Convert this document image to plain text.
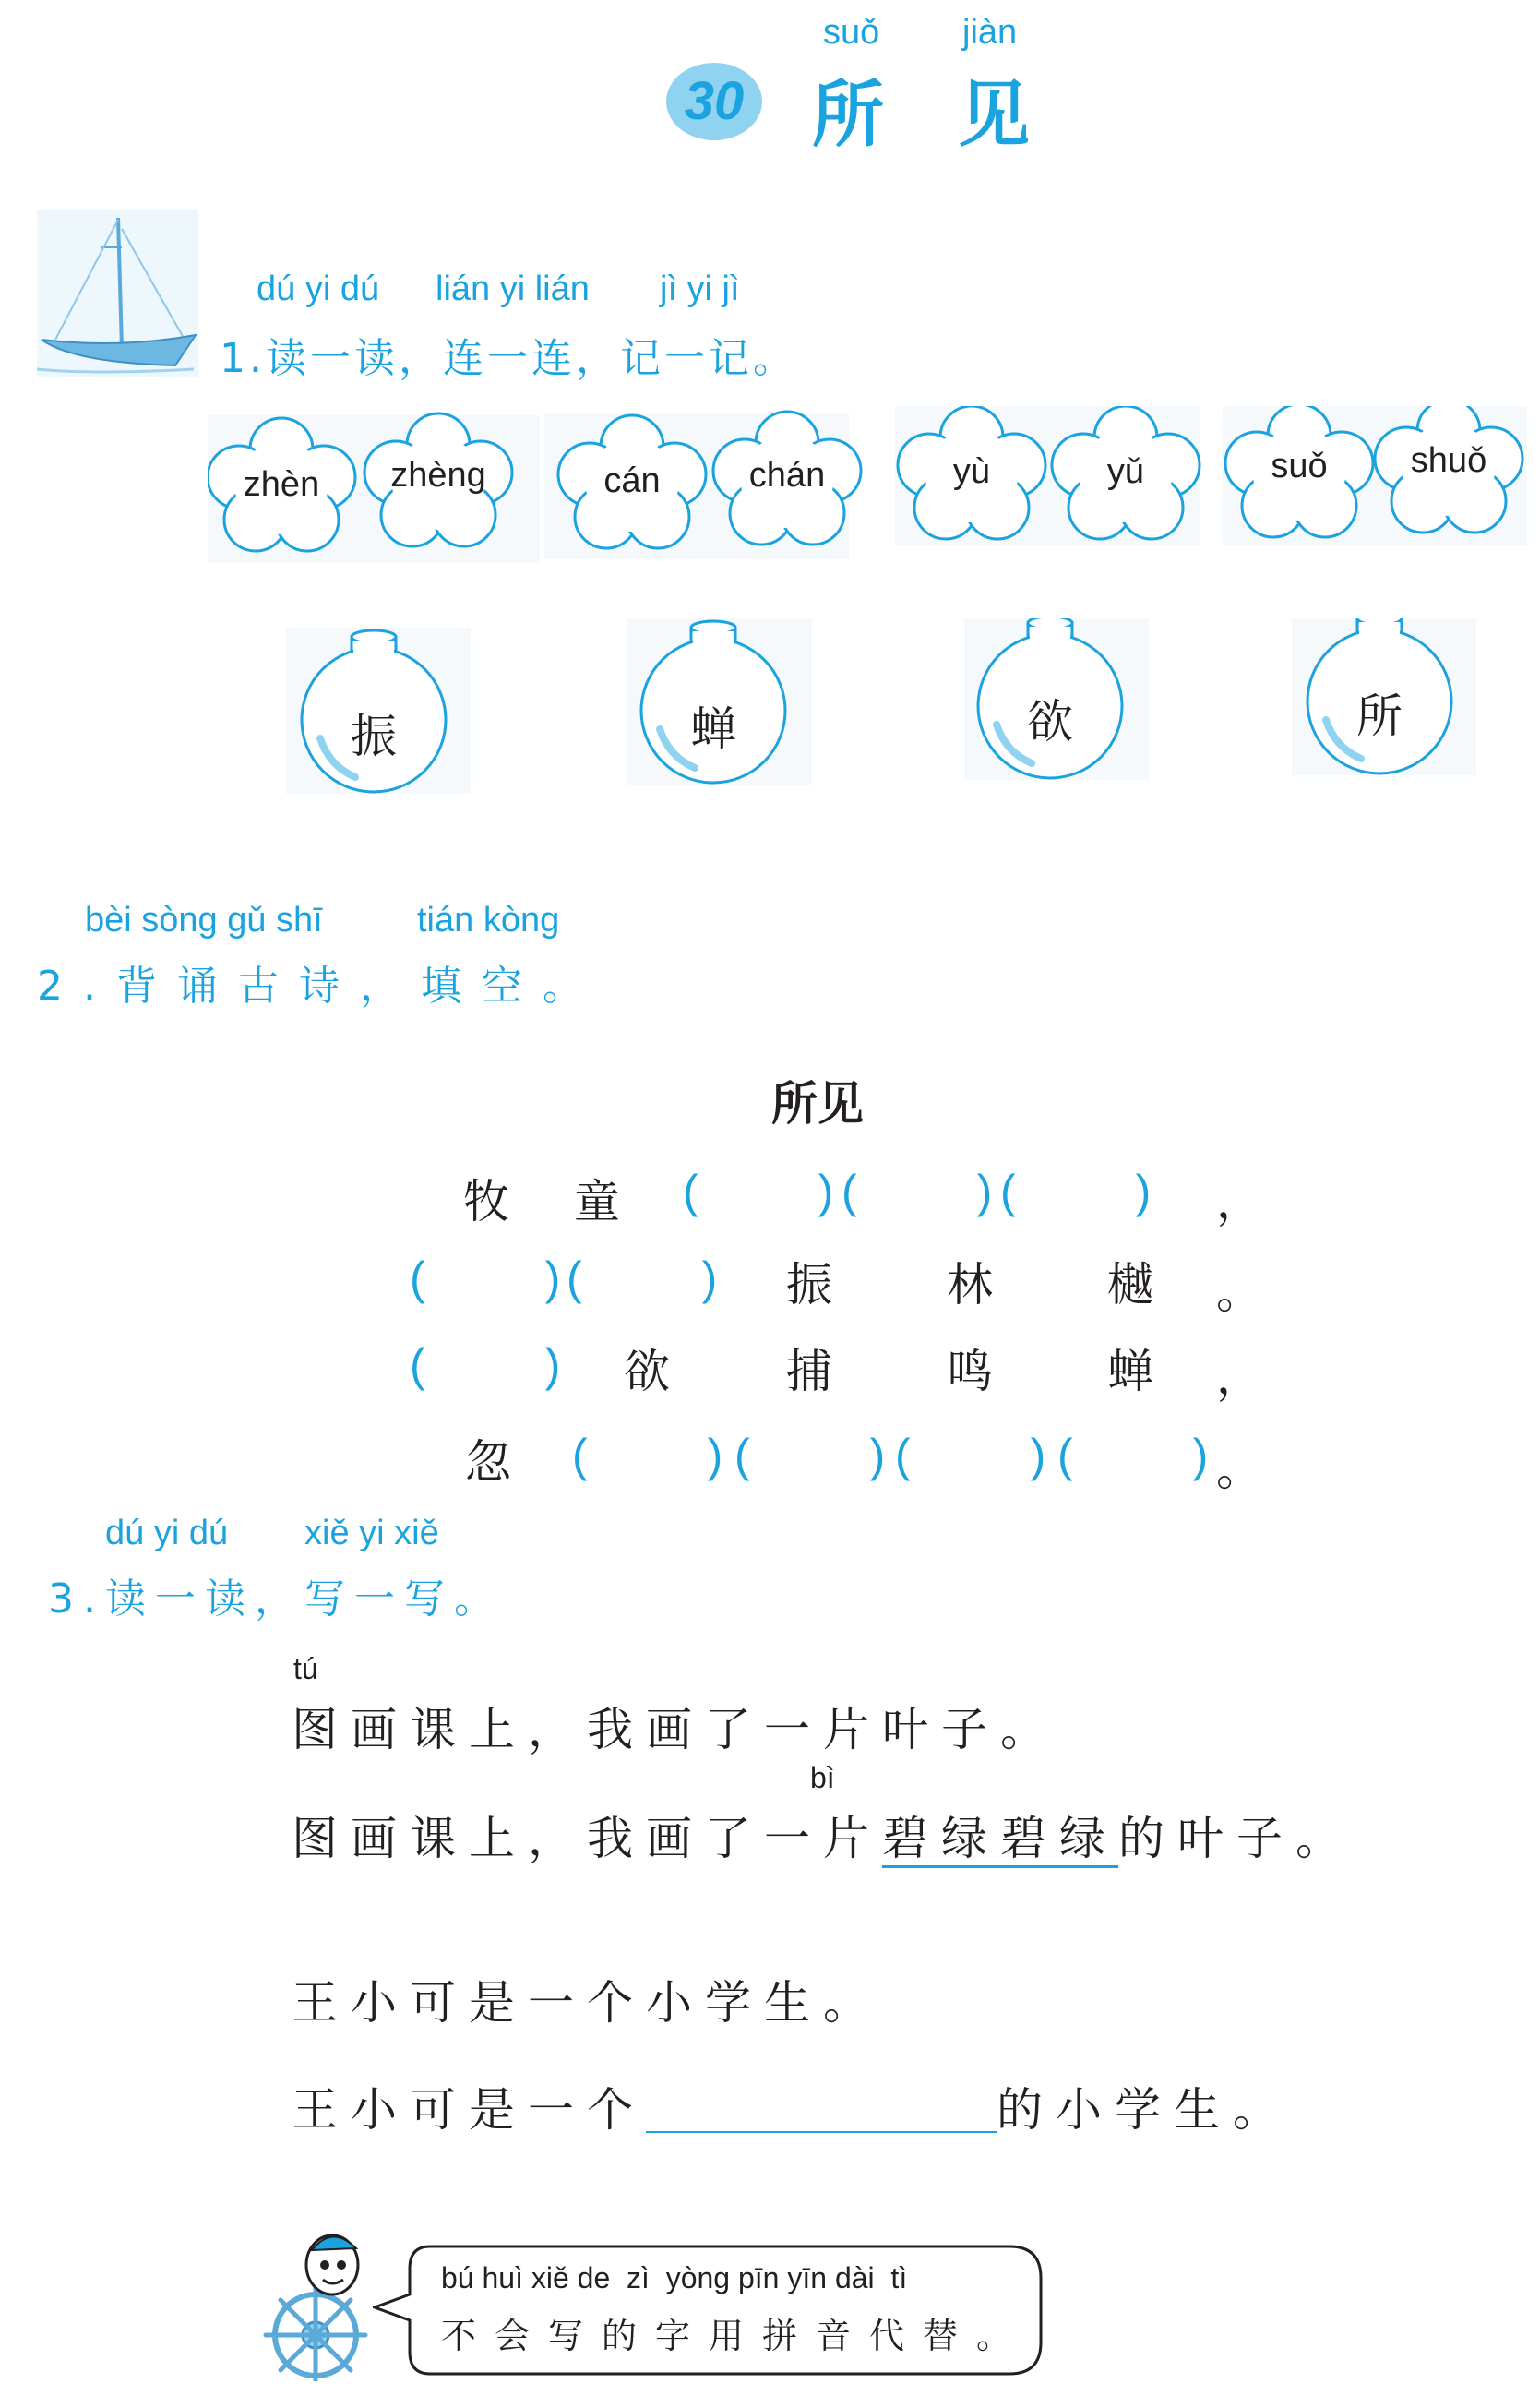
suǒ jiàn
30 所 见
dú yi dú lián yi lián jì yi jì
1.读一读，连一连，记一记。
zhèn zhèng	cán	chán	yù	yǔ	suǒ shuǒ
振	蝉	欲	所
bèi sòng gǔ shī	tián kòng
2.背诵古诗，填空。
所见
牧 童 (	) (	) (	) ，
(	) (	) 振 林 樾 。
(	) 欲	捕 鸣 蝉 ，
忽 (	) (	) (	) (	) 。
dú yi dú xiě yi xiě
3.读一读，写一写。
tú
图画课上，我画了一片叶子。
bì
图画课上，我画了一片碧绿碧绿的叶子。
王小可是一个小学生。
王小可是一个	的小学生。
bú huì xiě de  zì  yòng pīn yīn dài  tì
不会写的字用拼音代替。
